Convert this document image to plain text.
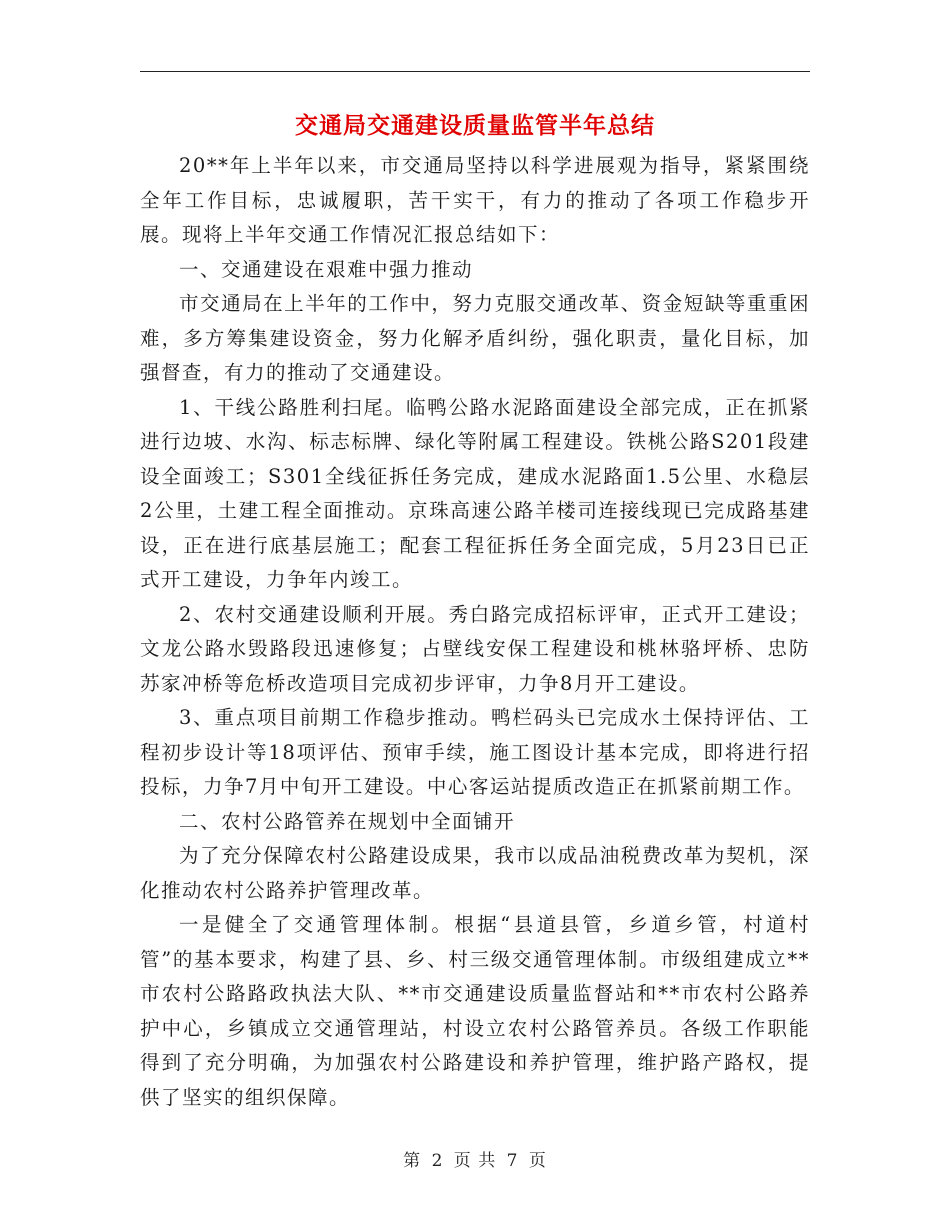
交通局交通建设质量监管半年总结

20**年上半年以来，市交通局坚持以科学进展观为指导，紧紧围绕全年工作目标，忠诚履职，苦干实干，有力的推动了各项工作稳步开展。现将上半年交通工作情况汇报总结如下：

一、交通建设在艰难中强力推动

市交通局在上半年的工作中，努力克服交通改革、资金短缺等重重困难，多方筹集建设资金，努力化解矛盾纠纷，强化职责，量化目标，加强督查，有力的推动了交通建设。

1、干线公路胜利扫尾。临鸭公路水泥路面建设全部完成，正在抓紧进行边坡、水沟、标志标牌、绿化等附属工程建设。铁桃公路S201段建设全面竣工；S301全线征拆任务完成，建成水泥路面1.5公里、水稳层2公里，土建工程全面推动。京珠高速公路羊楼司连接线现已完成路基建设，正在进行底基层施工；配套工程征拆任务全面完成，5月23日已正式开工建设，力争年内竣工。

2、农村交通建设顺利开展。秀白路完成招标评审，正式开工建设；文龙公路水毁路段迅速修复；占壁线安保工程建设和桃林骆坪桥、忠防苏家冲桥等危桥改造项目完成初步评审，力争8月开工建设。

3、重点项目前期工作稳步推动。鸭栏码头已完成水土保持评估、工程初步设计等18项评估、预审手续，施工图设计基本完成，即将进行招投标，力争7月中旬开工建设。中心客运站提质改造正在抓紧前期工作。

二、农村公路管养在规划中全面铺开

为了充分保障农村公路建设成果，我市以成品油税费改革为契机，深化推动农村公路养护管理改革。

一是健全了交通管理体制。根据“县道县管，乡道乡管，村道村管”的基本要求，构建了县、乡、村三级交通管理体制。市级组建成立**市农村公路路政执法大队、**市交通建设质量监督站和**市农村公路养护中心，乡镇成立交通管理站，村设立农村公路管养员。各级工作职能得到了充分明确，为加强农村公路建设和养护管理，维护路产路权，提供了坚实的组织保障。

第 2 页 共 7 页
